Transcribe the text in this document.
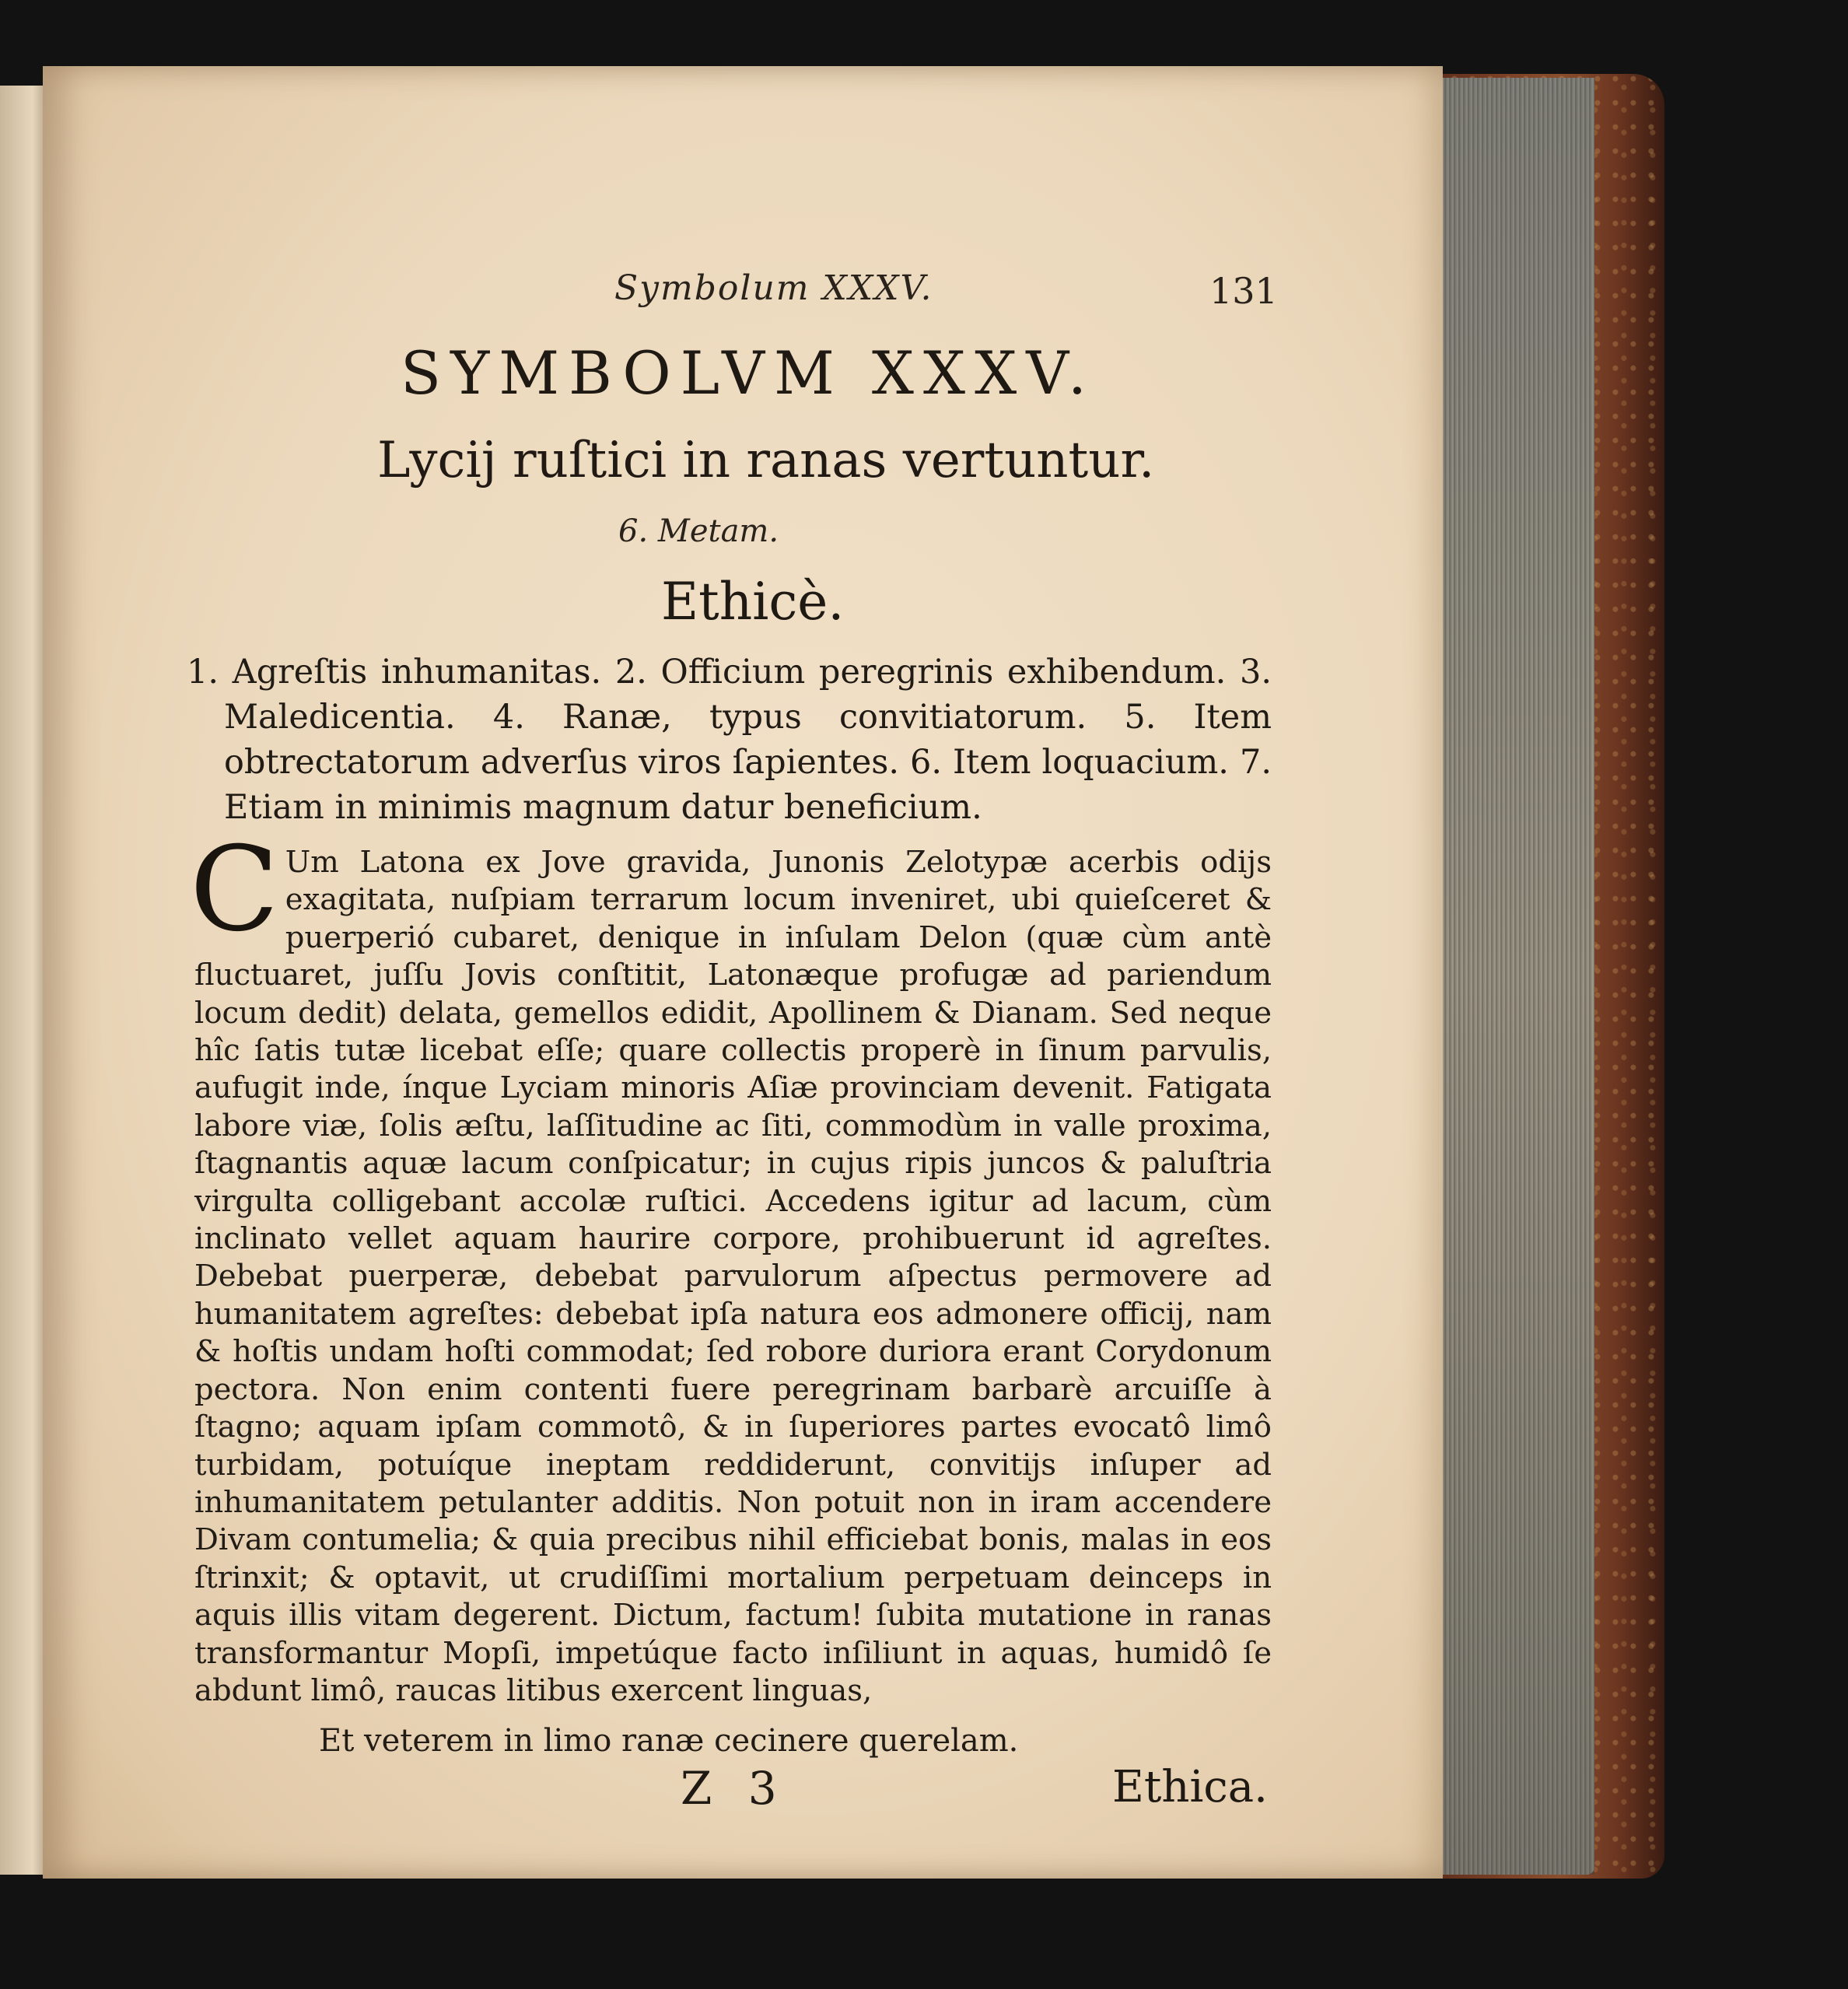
Symbolum XXXV.	131
SYMBOLVM XXXV.
Lycij ruſtici in ranas vertuntur.
6. Metam.
Ethicè.
1. Agreſtis inhumanitas. 2. Officium peregrinis exhibendum. 3. Maledicentia. 4. Ranæ, typus convitiatorum. 5. Item obtrectatorum adverſus viros ſapientes. 6. Item loquacium. 7. Etiam in minimis magnum datur beneficium.
C Um Latona ex Jove gravida, Junonis Zelotypæ acerbis odijs exagitata, nuſpiam terrarum locum inveniret, ubi quieſceret & puerperió cubaret, denique in inſulam Delon (quæ cùm antè fluctuaret, juſſu Jovis conſtitit, Latonæque profugæ ad pariendum locum dedit) delata, gemellos edidit, Apollinem & Dianam. Sed neque hîc ſatis tutæ licebat eſſe; quare collectis properè in ſinum parvulis, aufugit inde, ínque Lyciam minoris Aſiæ provinciam devenit. Fatigata labore viæ, ſolis æſtu, laſſitudine ac ſiti, commodùm in valle proxima, ſtagnantis aquæ lacum conſpicatur; in cujus ripis juncos & paluſtria virgulta colligebant accolæ ruſtici. Accedens igitur ad lacum, cùm inclinato vellet aquam haurire corpore, prohibuerunt id agreſtes. Debebat puerperæ, debebat parvulorum aſpectus permovere ad humanitatem agreſtes: debebat ipſa natura eos admonere officij, nam & hoſtis undam hoſti commodat; ſed robore duriora erant Corydonum pectora. Non enim contenti fuere peregrinam barbarè arcuiſſe à ſtagno; aquam ipſam commotô, & in ſuperiores partes evocatô limô turbidam, potuíque ineptam reddiderunt, convitijs inſuper ad inhumanitatem petulanter additis. Non potuit non in iram accendere Divam contumelia; & quia precibus nihil efficiebat bonis, malas in eos ſtrinxit; & optavit, ut crudiſſimi mortalium perpetuam deinceps in aquis illis vitam degerent. Dictum, factum! ſubita mutatione in ranas transformantur Mopſi, impetúque facto inſiliunt in aquas, humidô ſe abdunt limô, raucas litibus exercent linguas,
Et veterem in limo ranæ cecinere querelam.
Z 3	Ethica.
